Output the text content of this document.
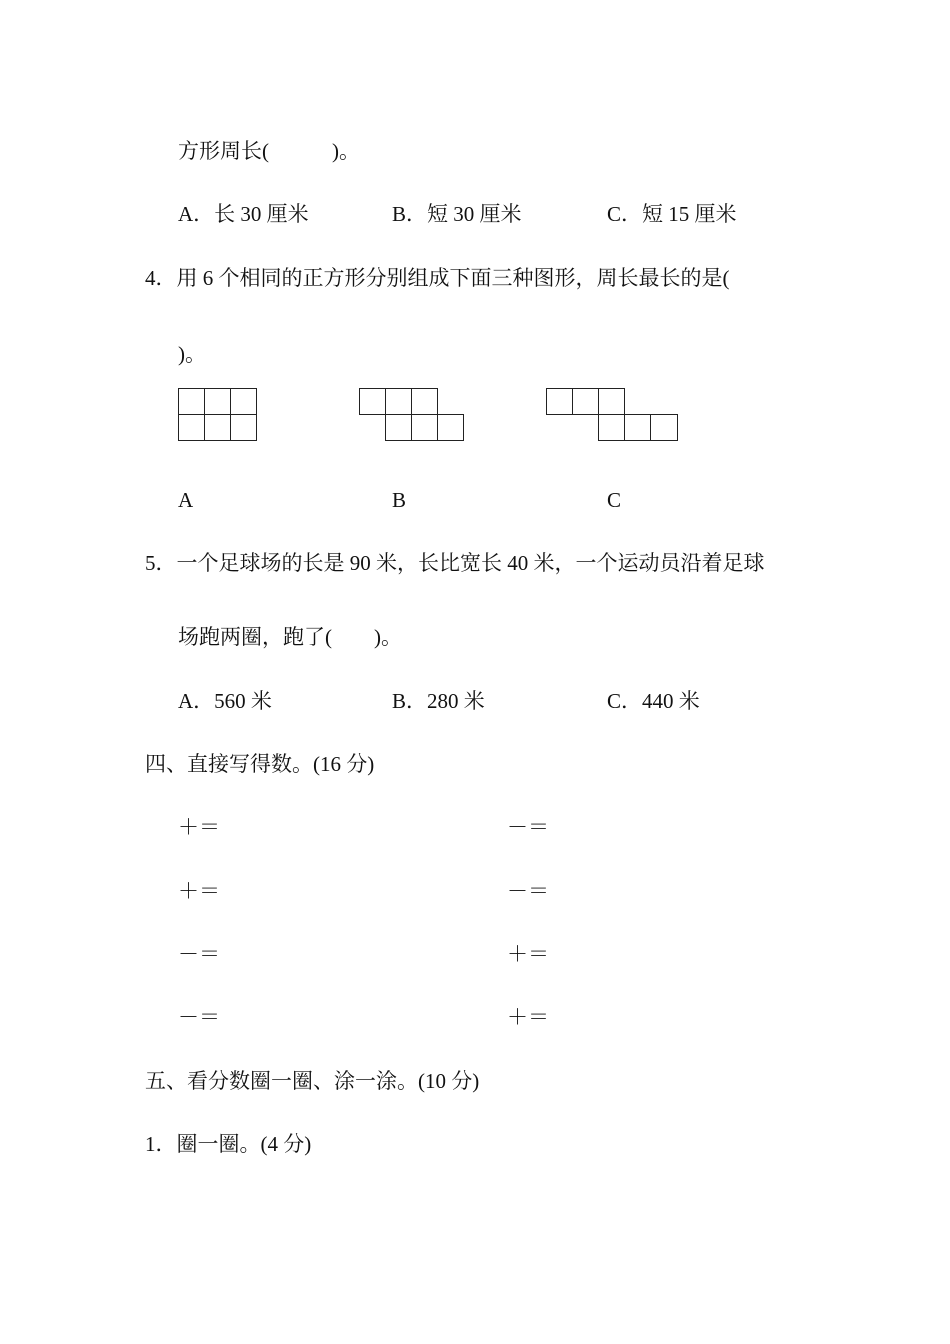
方形周长(　　　)。
A．长 30 厘米	B．短 30 厘米	C．短 15 厘米
4．用 6 个相同的正方形分别组成下面三种图形，周长最长的是(
)。
A	B	C
5．一个足球场的长是 90 米，长比宽长 40 米，一个运动员沿着足球
场跑两圈，跑了(　　)。
A．560 米	B．280 米	C．440 米
四、直接写得数。(16 分)
＋＝	－＝
＋＝	－＝
－＝	＋＝
－＝	＋＝
五、看分数圈一圈、涂一涂。(10 分)
1．圈一圈。(4 分)
